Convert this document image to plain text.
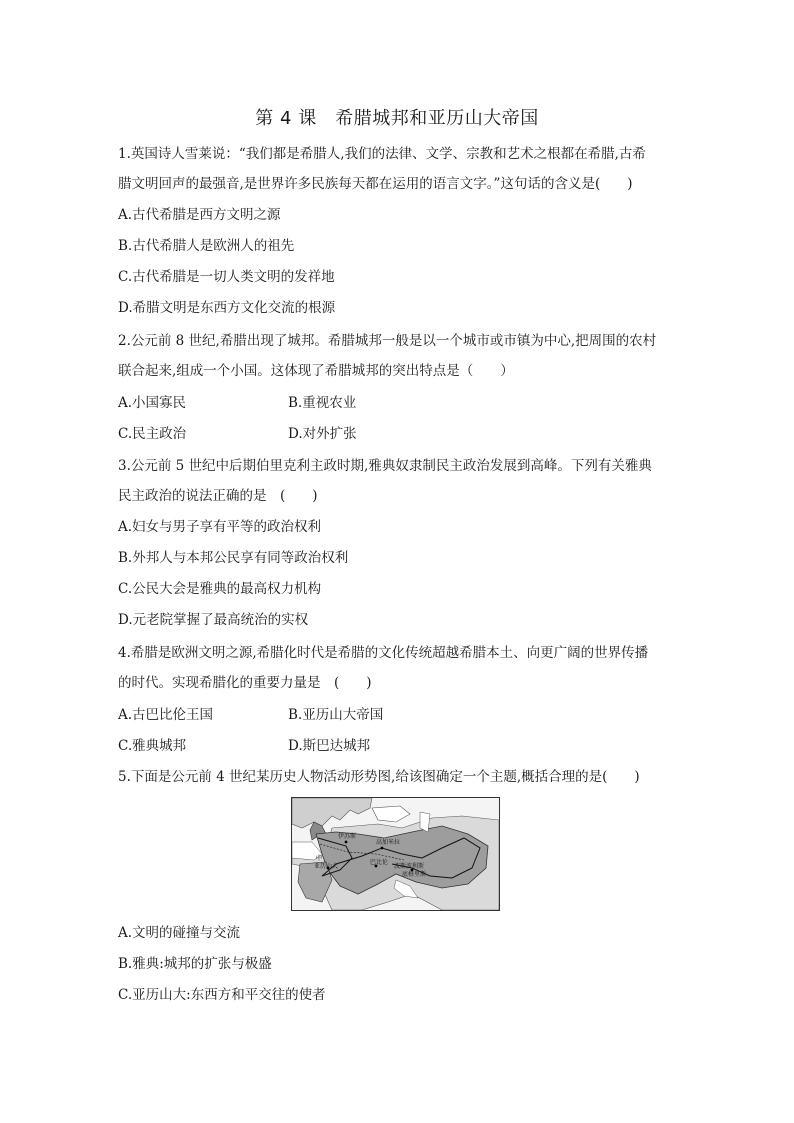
第 4 课　希腊城邦和亚历山大帝国
1.英国诗人雪莱说：“我们都是希腊人,我们的法律、文学、宗教和艺术之根都在希腊,古希
腊文明回声的最强音,是世界许多民族每天都在运用的语言文字。”这句话的含义是(　　)
A.古代希腊是西方文明之源
B.古代希腊人是欧洲人的祖先
C.古代希腊是一切人类文明的发祥地
D.希腊文明是东西方文化交流的根源
2.公元前 8 世纪,希腊出现了城邦。希腊城邦一般是以一个城市或市镇为中心,把周围的农村
联合起来,组成一个小国。这体现了希腊城邦的突出特点是（　　）
A.小国寡民	B.重视农业
C.民主政治	D.对外扩张
3.公元前 5 世纪中后期伯里克利主政时期,雅典奴隶制民主政治发展到高峰。下列有关雅典
民主政治的说法正确的是　(　　)
A.妇女与男子享有平等的政治权利
B.外邦人与本邦公民享有同等政治权利
C.公民大会是雅典的最高权力机构
D.元老院掌握了最高统治的实权
4.希腊是欧洲文明之源,希腊化时代是希腊的文化传统超越希腊本土、向更广阔的世界传播
的时代。实现希腊化的重要力量是　(　　)
A.古巴比伦王国	B.亚历山大帝国
C.雅典城邦	D.斯巴达城邦
5.下面是公元前 4 世纪某历史人物活动形势图,给该图确定一个主题,概括合理的是(　　)
伊苏斯
高加米拉
中
亚历山大
巴比伦
波斯波利斯
底格里斯
A.文明的碰撞与交流
B.雅典:城邦的扩张与极盛
C.亚历山大:东西方和平交往的使者
